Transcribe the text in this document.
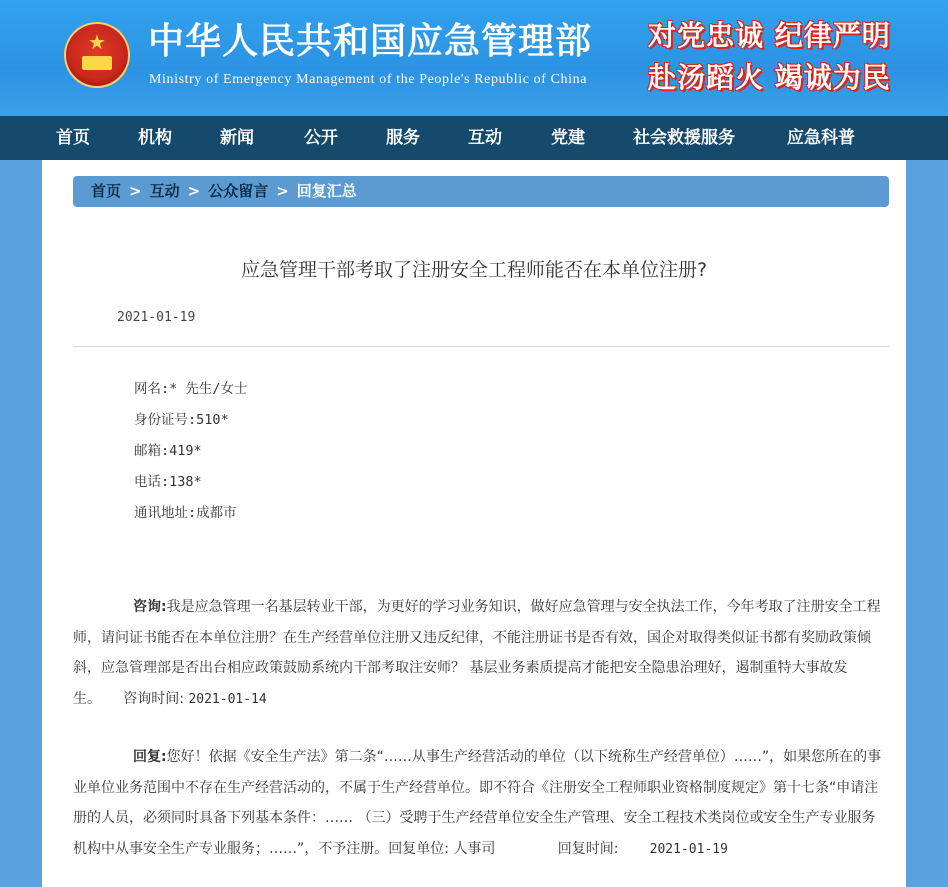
★	中华人民共和国应急管理部
Ministry of Emergency Management of the People's Republic of China
对党忠诚 纪律严明
赴汤蹈火 竭诚为民
首页	机构	新闻	公开	服务	互动	党建	社会救援服务	应急科普
首页 > 互动 > 公众留言 > 回复汇总
应急管理干部考取了注册安全工程师能否在本单位注册?
2021-01-19
网名:* 先生/女士
身份证号:510*
邮箱:419*
电话:138*
通讯地址:成都市
咨询:我是应急管理一名基层转业干部，为更好的学习业务知识，做好应急管理与安全执法工作，今年考取了注册安全工程师，请问证书能否在本单位注册？在生产经营单位注册又违反纪律，不能注册证书是否有效，国企对取得类似证书都有奖励政策倾斜，应急管理部是否出台相应政策鼓励系统内干部考取注安师？ 基层业务素质提高才能把安全隐患治理好，遏制重特大事故发生。 咨询时间: 2021-01-14
回复:您好！依据《安全生产法》第二条“……从事生产经营活动的单位（以下统称生产经营单位）……”，如果您所在的事业单位业务范围中不存在生产经营活动的，不属于生产经营单位。即不符合《注册安全工程师职业资格制度规定》第十七条“申请注册的人员，必须同时具备下列基本条件：…… （三）受聘于生产经营单位安全生产管理、安全工程技术类岗位或安全生产专业服务机构中从事安全生产专业服务；……”，不予注册。回复单位: 人事司	回复时间: 2021-01-19
